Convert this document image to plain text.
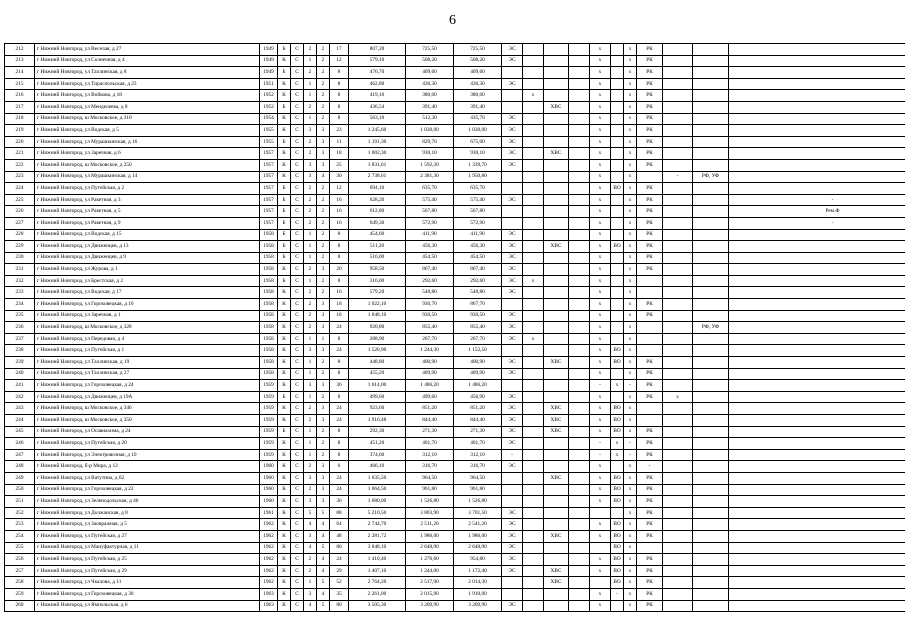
6
212	г Нижний Новгород, ул Веселая, д 27	1949	Б	С	2	2	17	807,20	725,50	725,50	ЭС				х		х	РК			
213	г Нижний Новгород, ул Солнечная, д 4	1949	К	С	1	2	12	579,10	508,20	508,20	ЭС				х		х	РК			
214	г Нижний Новгород, ул Таллинская, д 8	1949	Б	С	2	2	8	476,70	409,60	409,60					х		х	РК			
215	г Нижний Новгород, ул Тираспольская, д 23	1951	К	С	1	2	8	462,80	436,30	436,30	ЭС				х		х	РК			
216	г Нижний Новгород, ул Войкова, д 18	1952	К	С	1	2	8	419,10	380,00	380,00		х			х		х	РК			
217	г Нижний Новгород, ул Менделеева, д 8	1952	Б	С	2	2	8	436,54	391,40	391,40			ХВС		х		х	РК			
218	г Нижний Новгород, ш Московское, д 310	1954	К	С	1	2	8	563,10	512,30	435,70	ЭС				х		х	РК			
219	г Нижний Новгород, ул Водская, д 5	1955	К	С	3	3	23	1 245,60	1 030,00	1 030,00	ЭС				х		х	РК			
220	г Нижний Новгород, ул Мурашкинская, д 16	1955	Б	С	2	3	11	1 191,30	829,70	675,00	ЭС				х		х	РК			
221	г Нижний Новгород, ул Заречная, д 6	1957	К	С	2	3	18	1 002,30	930,10	930,10	ЭС		ХВС		х		х	РК			
222	г Нижний Новгород, ш Московское, д 250	1957	К	С	3	3	25	1 831,61	1 592,30	1 339,70	ЭС				х		х	РК			
223	г Нижний Новгород, ул Мурашкинская, д 14	1957	К	С	3	4	30	2 738,61	2 381,30	1 950,80					х		х		-	РФ, УФ	
224	г Нижний Новгород, ул Путейская, д 2	1957	Б	С	2	2	12	694,10	635,70	635,70					х	ВО	х	РК			
225	г Нижний Новгород, ул Ракетная, д 3	1957	Б	С	2	2	16	628,20	575,40	575,40	ЭС				х		х	РК			-
226	г Нижний Новгород, ул Ракетная, д 5	1957	Б	С	2	2	16	612,80	567,80	567,80					х		х	РК			Рем.Ф
227	г Нижний Новгород, ул Ракетная, д 9	1957	Б	С	2	2	16	649,30	572,90	572,90					х		х	РК			-
228	г Нижний Новгород, ул Водская, д 15	1958	Б	С	1	2	8	454,60	411,90	411,90	ЭС				х		х	РК			
229	г Нижний Новгород, ул Движенцев, д 13	1958	Б	С	1	2	8	511,20	456,30	456,30	ЭС		ХВС		х	ВО	х	РК			
230	г Нижний Новгород, ул Движенцев, д 9	1958	Б	С	1	2	8	516,00	454,50	454,50	ЭС				х		х	РК			
231	г Нижний Новгород, ул Журова, д 1	1958	К	С	2	3	20	958,50	867,40	867,40	ЭС				х		х	РК			
232	г Нижний Новгород, ул Брестская, д 2	1958	Б	С	1	2	8	316,00	292,60	292,60	ЭС	х			х		х				
233	г Нижний Новгород, ул Водская, д 17	1958	К	С	2	2	16	579,20	548,80	548,80	ЭС				х		х				
234	г Нижний Новгород, ул Гороховецкая, д 16	1958	К	С	2	3	18	1 022,10	930,70	867,70					х		х	РК			
235	г Нижний Новгород, ул Заречная, д 1	1958	К	С	2	3	18	1 048,10	930,50	930,50	ЭС				х		х	РК			
236	г Нижний Новгород, ш Московское, д 328	1958	К	С	2	3	24	920,80	855,40	855,40	ЭС				х		х			РФ, УФ	
237	г Нижний Новгород, ул Передовая, д 4	1958	К	С	1	1	8	288,90	267,70	267,70	ЭС	х			х		х				
238	г Нижний Новгород, ул Путейская, д 1	1958	К	С	3	3	24	1 520,90	1 244,30	1 152,50					х	ВО	х				
239	г Нижний Новгород, ул Таллинская, д 19	1958	К	С	1	2	8	448,80	400,90	400,90	ЭС		ХВС		х	ВО	х	РК			
240	г Нижний Новгород, ул Таллинская, д 27	1958	К	С	1	2	8	455,20	409,90	409,90	ЭС				х		х	РК			
241	г Нижний Новгород, ул Гороховецкая, д 24	1959	К	С	3	3	36	1 614,00	1 486,20	1 486,20					-	х	-	РК			
242	г Нижний Новгород, ул Движенцев, д 19А	1959	Б	С	1	2	8	499,60	499,60	456,90	ЭС				х		х	РК	х		
243	г Нижний Новгород, ш Московское, д 346	1959	К	С	2	3	24	923,60	851,20	851,20	ЭС		ХВС		х	ВО	х				
244	г Нижний Новгород, ш Московское, д 350	1959	К	С	2	3	24	1 916,48	844,40	844,40	ЭС		ХВС		х	ВО	х				
245	г Нижний Новгород, ул Осавиахима, д 24	1959	Б	С	1	2	8	292,30	271,30	271,30	ЭС		ХВС		х	ВО	х	РК			
246	г Нижний Новгород, ул Путейская, д 20	1959	К	С	1	2	8	451,20	401,70	401,70	ЭС				-	х	-	РК			
247	г Нижний Новгород, ул Электровозная, д 10	1959	К	С	1	2	8	374,60	312,10	312,10	-				-	х	-	РК			
248	г Нижний Новгород, б-р Мира, д 12	1960	К	С	2	3	6	466,10	316,70	316,70	ЭС				х		х	-			
249	г Нижний Новгород, ул Ватутина, д 62	1960	К	С	3	3	24	1 035,50	964,50	964,50			ХВС		х	ВО	х	РК			
250	г Нижний Новгород, ул Гороховецкая, д 22	1960	К	С	2	3	24	1 064,50	961,80	961,80					х	ВО	х	РК			
251	г Нижний Новгород, ул Зеленодольская, д 46	1960	К	С	3	3	36	1 680,00	1 526,80	1 526,80					х	ВО	х	РК			
252	г Нижний Новгород, ул Должанская, д 8	1961	К	С	5	5	88	5 210,50	3 803,90	3 701,50	ЭС						х	РК			
253	г Нижний Новгород, ул Заовражная, д 5	1962	К	С	4	4	64	2 744,70	2 511,20	2 541,20	ЭС				х	ВО	х	РК			
254	г Нижний Новгород, ул Путейская, д 27	1962	К	С	3	4	48	2 281,72	1 986,00	1 986,00	ЭС		ХВС		х	ВО	х	РК			
255	г Нижний Новгород, ул Мануфактурная, д 11	1962	К	С	4	5	80	3 048,10	2 648,90	2 648,90	ЭС					ВО	х				
256	г Нижний Новгород, ул Путейская, д 25	1962	К	С	2	4	24	1 410,40	1 276,60	954,80	ЭС				х	ВО	х	РК			
257	г Нижний Новгород, ул Путейская, д 29	1962	К	С	2	4	29	1 407,10	1 244,00	1 172,40	ЭС		ХВС		х	ВО	х	РК			
258	г Нижний Новгород, ул Чкалова, д 11	1962	К	С	1	5	52	2 764,20	2 517,90	2 014,30			ХВС			ВО	х	РК			
259	г Нижний Новгород, ул Гороховецкая, д 30	1963	К	С	3	4	35	2 261,00	2 015,90	1 910,00					х	-	х	РК			
260	г Нижний Новгород, ул Ямпольская, д 6	1963	К	С	4	5	80	3 505,30	3 209,90	3 209,90	ЭС				х		х	РК			
